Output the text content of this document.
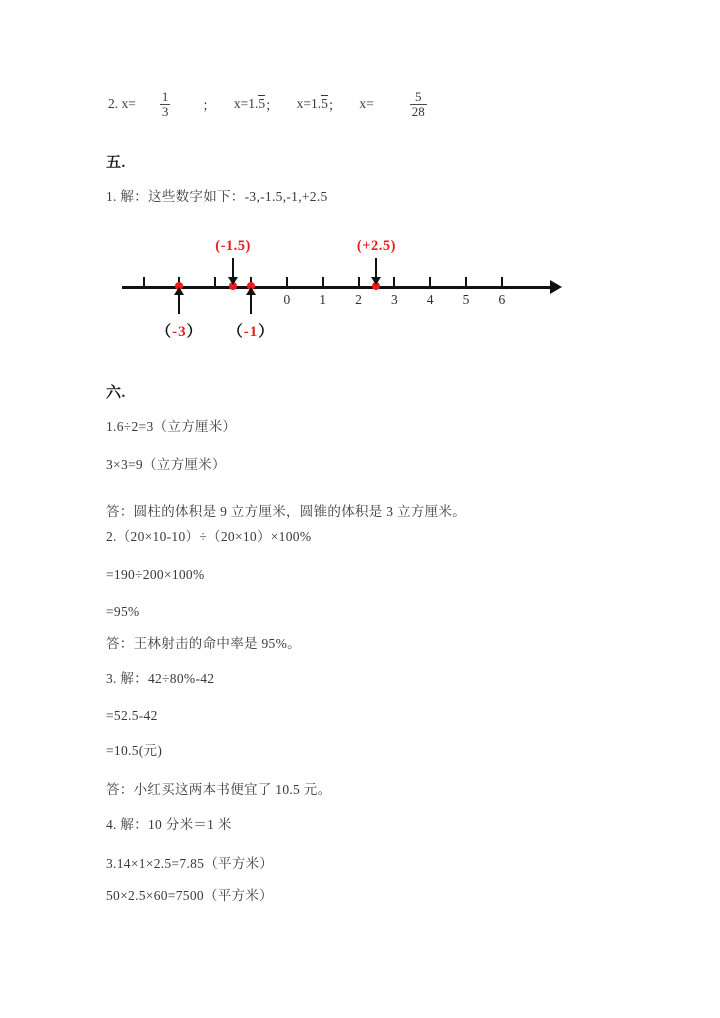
2. $x= \frac{1}{3}$ ； x=1. 5 ； x=1. 5 ； x=	$\frac{5}{28}$
五.
1. 解：这些数字如下：-3,-1.5,-1,+2.5
0 1 2 3 4 5 6
(-1.5)	(+2.5)
（-3） （-1）
六.
1.6÷2=3（立方厘米）
3×3=9（立方厘米）
答：圆柱的体积是 9 立方厘米，圆锥的体积是 3 立方厘米。
2.（20×10-10）÷（20×10）×100%
=190÷200×100%
=95%
答：王林射击的命中率是 95%。
3. 解：42÷80%-42
=52.5-42
=10.5(元)
答：小红买这两本书便宜了 10.5 元。
4. 解：10 分米＝1 米
3.14×1×2.5=7.85（平方米）
50×2.5×60=7500（平方米）
